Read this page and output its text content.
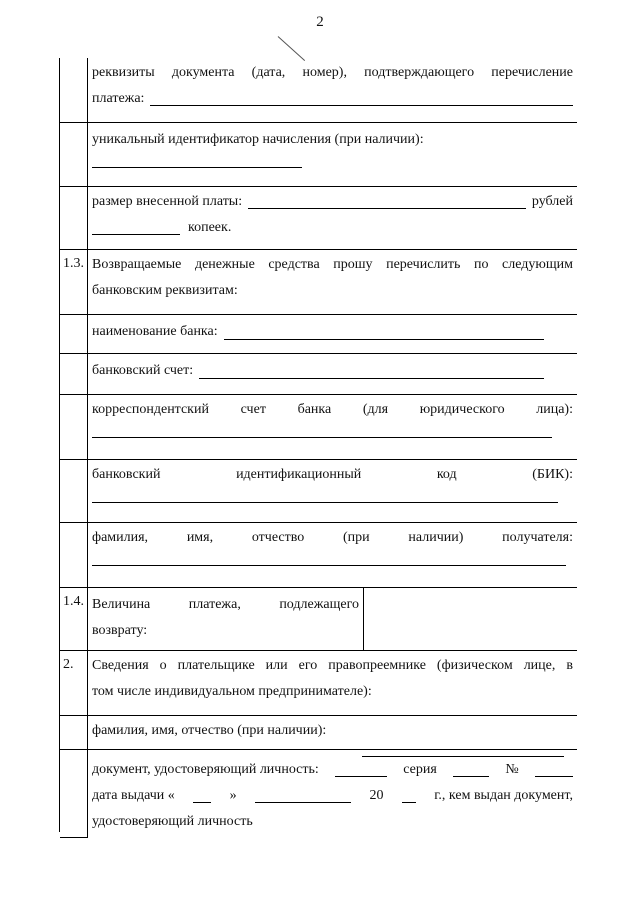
2
реквизиты документа (дата, номер), подтверждающего перечисление
платежа:
уникальный идентификатор начисления (при наличии):
размер внесенной платы:	рублей
копеек.
1.3. Возвращаемые денежные средства прошу перечислить по следующим
банковским реквизитам:
наименование банка:
банковский счет:
корреспондентский счет банка (для юридического лица):
банковский	идентификационный	код	(БИК):
фамилия,	имя,	отчество	(при	наличии)	получателя:
1.4. Величина	платежа,	подлежащего
возврату:
2.	Сведения о плательщике или его правопреемнике (физическом лице, в
том числе индивидуальном предпринимателе):
фамилия, имя, отчество (при наличии):
документ, удостоверяющий личность:	серия	№
дата выдачи «	»	20	г., кем выдан документ,
удостоверяющий личность
